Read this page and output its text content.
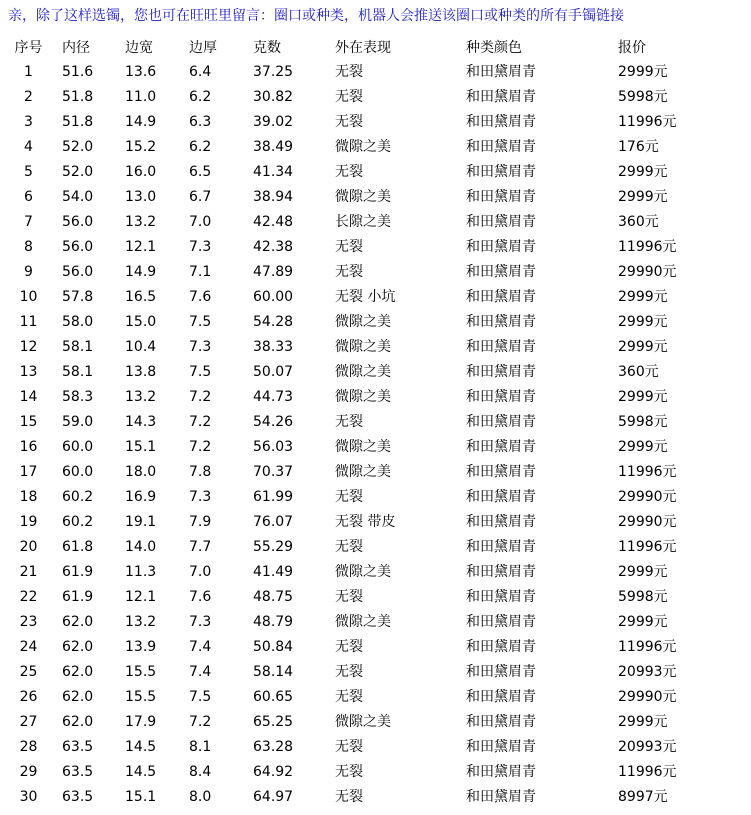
亲，除了这样选镯，您也可在旺旺里留言：圈口或种类，机器人会推送该圈口或种类的所有手镯链接
序号	内径	边宽	边厚	克数	外在表现	种类颜色	报价
1	51.6	13.6	6.4	37.25	无裂	和田黛眉青	2999元
2	51.8	11.0	6.2	30.82	无裂	和田黛眉青	5998元
3	51.8	14.9	6.3	39.02	无裂	和田黛眉青	11996元
4	52.0	15.2	6.2	38.49	微隙之美	和田黛眉青	176元
5	52.0	16.0	6.5	41.34	无裂	和田黛眉青	2999元
6	54.0	13.0	6.7	38.94	微隙之美	和田黛眉青	2999元
7	56.0	13.2	7.0	42.48	长隙之美	和田黛眉青	360元
8	56.0	12.1	7.3	42.38	无裂	和田黛眉青	11996元
9	56.0	14.9	7.1	47.89	无裂	和田黛眉青	29990元
10	57.8	16.5	7.6	60.00	无裂 小坑	和田黛眉青	2999元
11	58.0	15.0	7.5	54.28	微隙之美	和田黛眉青	2999元
12	58.1	10.4	7.3	38.33	微隙之美	和田黛眉青	2999元
13	58.1	13.8	7.5	50.07	微隙之美	和田黛眉青	360元
14	58.3	13.2	7.2	44.73	微隙之美	和田黛眉青	2999元
15	59.0	14.3	7.2	54.26	无裂	和田黛眉青	5998元
16	60.0	15.1	7.2	56.03	微隙之美	和田黛眉青	2999元
17	60.0	18.0	7.8	70.37	微隙之美	和田黛眉青	11996元
18	60.2	16.9	7.3	61.99	无裂	和田黛眉青	29990元
19	60.2	19.1	7.9	76.07	无裂 带皮	和田黛眉青	29990元
20	61.8	14.0	7.7	55.29	无裂	和田黛眉青	11996元
21	61.9	11.3	7.0	41.49	微隙之美	和田黛眉青	2999元
22	61.9	12.1	7.6	48.75	无裂	和田黛眉青	5998元
23	62.0	13.2	7.3	48.79	微隙之美	和田黛眉青	2999元
24	62.0	13.9	7.4	50.84	无裂	和田黛眉青	11996元
25	62.0	15.5	7.4	58.14	无裂	和田黛眉青	20993元
26	62.0	15.5	7.5	60.65	无裂	和田黛眉青	29990元
27	62.0	17.9	7.2	65.25	微隙之美	和田黛眉青	2999元
28	63.5	14.5	8.1	63.28	无裂	和田黛眉青	20993元
29	63.5	14.5	8.4	64.92	无裂	和田黛眉青	11996元
30	63.5	15.1	8.0	64.97	无裂	和田黛眉青	8997元
